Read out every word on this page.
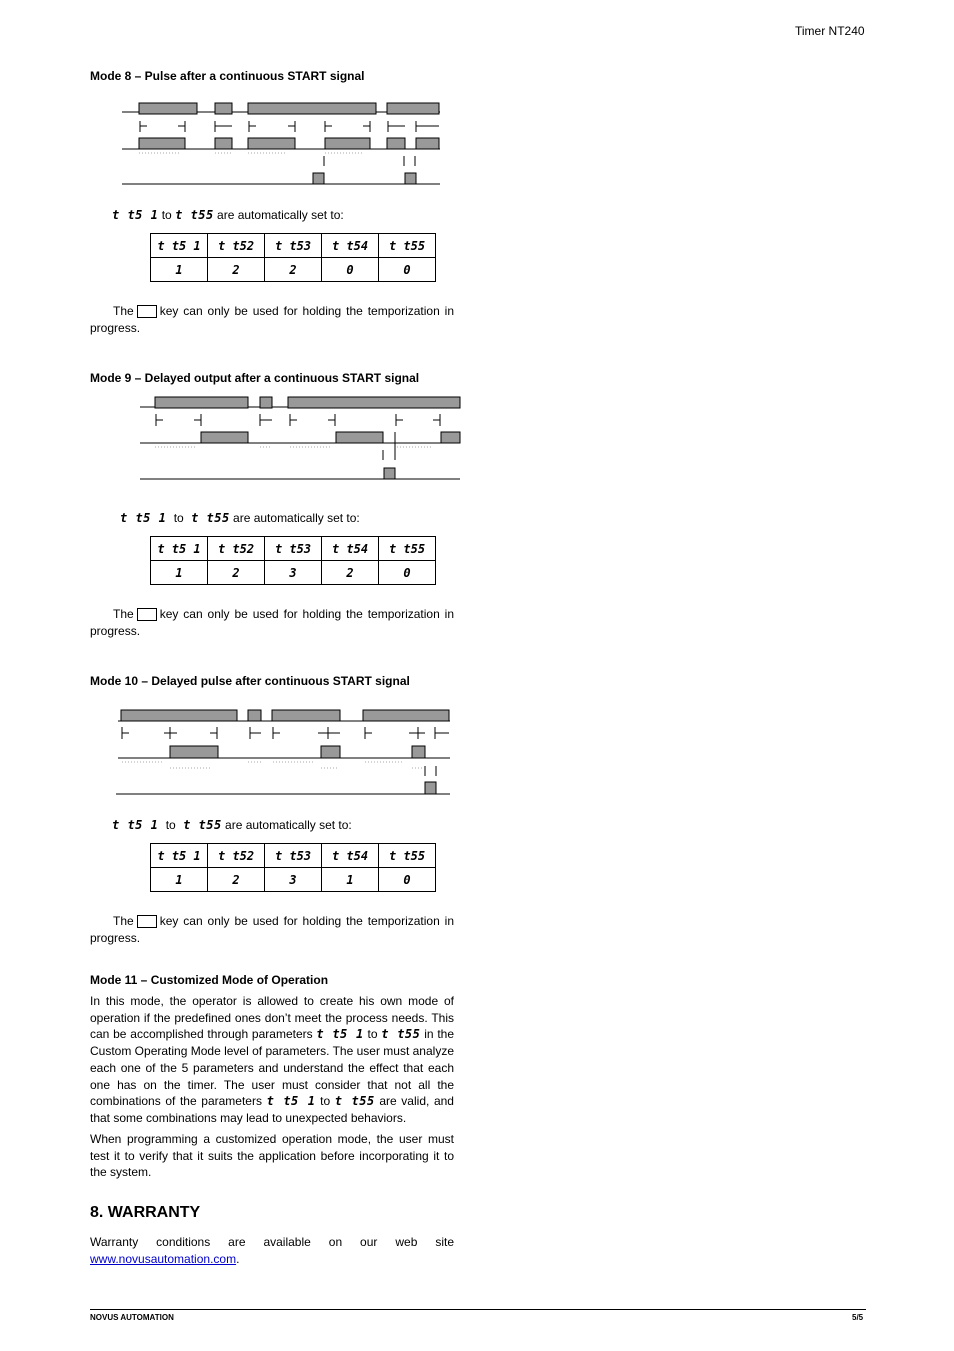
Timer NT240
Mode 8 – Pulse after a continuous START signal
t t5 1 to t t55 are automatically set to:
t t5 1	t t52	t t53	t t54	t t55
1	2	2	0	0
The key can only be used for holding the temporization in
progress.
Mode 9 – Delayed output after a continuous START signal
t t5 1 to t t55 are automatically set to:
t t5 1	t t52	t t53	t t54	t t55
1	2	3	2	0
The key can only be used for holding the temporization in
progress.
Mode 10 – Delayed pulse after continuous START signal
t t5 1 to t t55 are automatically set to:
t t5 1	t t52	t t53	t t54	t t55
1	2	3	1	0
The key can only be used for holding the temporization in
progress.
Mode 11 – Customized Mode of Operation
In this mode, the operator is allowed to create his own mode of operation if the predefined ones don’t meet the process needs. This can be accomplished through parameters t t5 1 to t t55 in the Custom Operating Mode level of parameters. The user must analyze each one of the 5 parameters and understand the effect that each one has on the timer. The user must consider that not all the combinations of the parameters t t5 1 to t t55 are valid, and that some combinations may lead to unexpected behaviors.
When programming a customized operation mode, the user must test it to verify that it suits the application before incorporating it to the system.
8. WARRANTY
Warranty conditions are available on our web site
www.novusautomation.com.
NOVUS AUTOMATION	5/5
